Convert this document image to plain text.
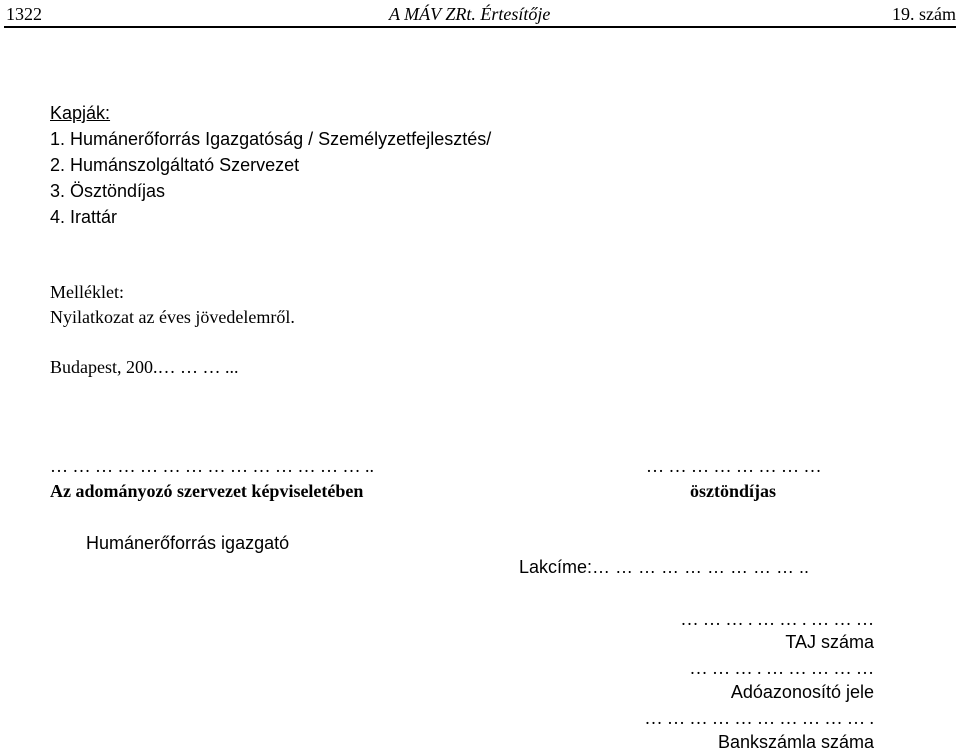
1322	A MÁV ZRt. Értesítője	19. szám
Kapják:
1. Humánerőforrás Igazgatóság / Személyzetfejlesztés/
2. Humánszolgáltató Szervezet
3. Ösztöndíjas
4. Irattár
Melléklet:
Nyilatkozat az éves jövedelemről.
Budapest, 200.… … … ...
… … … … … … … … … … … … … … ..
Az adományozó szervezet képviseletében
Humánerőforrás igazgató
… … … … … … … …
ösztöndíjas
Lakcíme:… … … … … … … … … ..
… … … . … … . … … …
TAJ száma
… … … . … … … … …
Adóazonosító jele
… … … … … … … … … … .
Bankszámla száma
